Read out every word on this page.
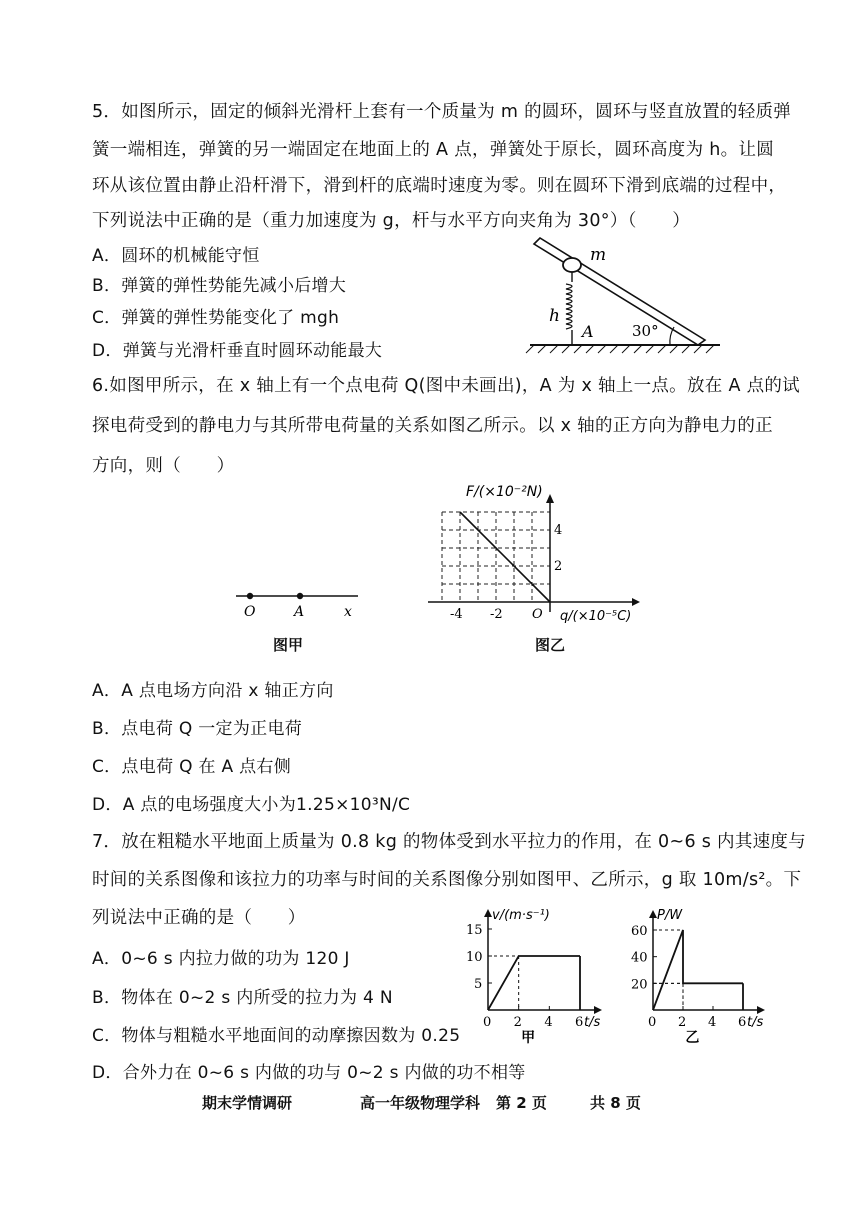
5．如图所示，固定的倾斜光滑杆上套有一个质量为 m 的圆环，圆环与竖直放置的轻质弹
簧一端相连，弹簧的另一端固定在地面上的 A 点，弹簧处于原长，圆环高度为 h。让圆
环从该位置由静止沿杆滑下，滑到杆的底端时速度为零。则在圆环下滑到底端的过程中，
下列说法中正确的是（重力加速度为 g，杆与水平方向夹角为 30°）（　　）
A．圆环的机械能守恒
B．弹簧的弹性势能先减小后增大
C．弹簧的弹性势能变化了 mgh
D．弹簧与光滑杆垂直时圆环动能最大
m
h
A	30°
6.如图甲所示，在 x 轴上有一个点电荷 Q(图中未画出)，A 为 x 轴上一点。放在 A 点的试
探电荷受到的静电力与其所带电荷量的关系如图乙所示。以 x 轴的正方向为静电力的正
方向，则（　　）
O	A	x
图甲
F/(×10⁻²N)
4
2
-4 -2 O q/(×10⁻⁵C)
图乙
A．A 点电场方向沿 x 轴正方向
B．点电荷 Q 一定为正电荷
C．点电荷 Q 在 A 点右侧
D．A 点的电场强度大小为1.25×10³N/C
7．放在粗糙水平地面上质量为 0.8 kg 的物体受到水平拉力的作用，在 0~6 s 内其速度与
时间的关系图像和该拉力的功率与时间的关系图像分别如图甲、乙所示，g 取 10m/s²。下
列说法中正确的是（　　）
A．0~6 s 内拉力做的功为 120 J
B．物体在 0~2 s 内所受的拉力为 4 N
C．物体与粗糙水平地面间的动摩擦因数为 0.25
D．合外力在 0~6 s 内做的功与 0~2 s 内做的功不相等
0 2 4 6
5
10
15
v/(m·s⁻¹)
t/s
甲
0 2 4 6
20
40
60
P/W
t/s
乙
期末学情调研	高一年级物理学科 第 2 页	共 8 页
